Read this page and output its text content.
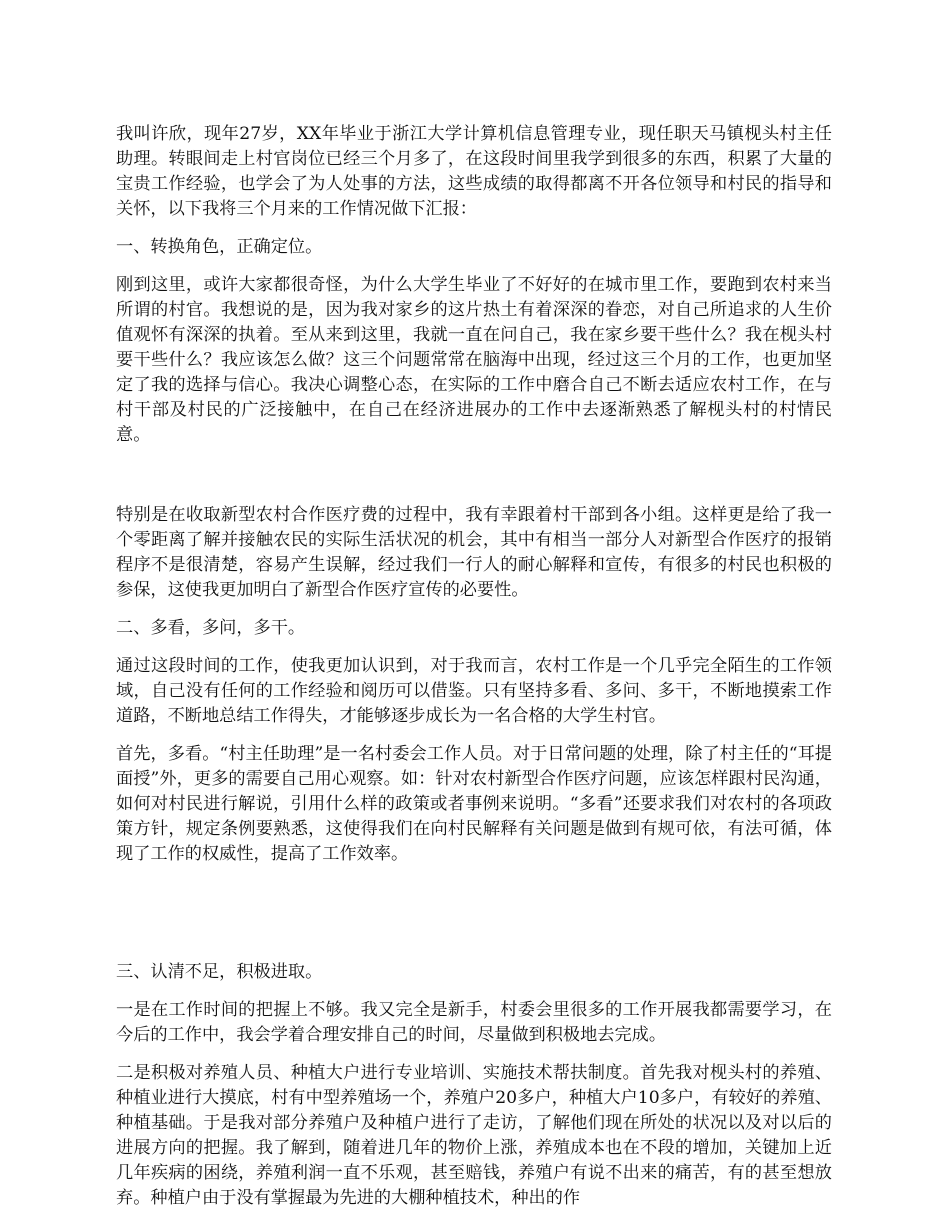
我叫许欣，现年27岁，XX年毕业于浙江大学计算机信息管理专业，现任职天马镇枧头村主任助理。转眼间走上村官岗位已经三个月多了，在这段时间里我学到很多的东西，积累了大量的宝贵工作经验，也学会了为人处事的方法，这些成绩的取得都离不开各位领导和村民的指导和关怀，以下我将三个月来的工作情况做下汇报：

一、转换角色，正确定位。

刚到这里，或许大家都很奇怪，为什么大学生毕业了不好好的在城市里工作，要跑到农村来当所谓的村官。我想说的是，因为我对家乡的这片热土有着深深的眷恋，对自己所追求的人生价值观怀有深深的执着。至从来到这里，我就一直在问自己，我在家乡要干些什么？我在枧头村要干些什么？我应该怎么做？这三个问题常常在脑海中出现，经过这三个月的工作，也更加坚定了我的选择与信心。我决心调整心态，在实际的工作中磨合自己不断去适应农村工作，在与村干部及村民的广泛接触中，在自己在经济进展办的工作中去逐渐熟悉了解枧头村的村情民意。

特别是在收取新型农村合作医疗费的过程中，我有幸跟着村干部到各小组。这样更是给了我一个零距离了解并接触农民的实际生活状况的机会，其中有相当一部分人对新型合作医疗的报销程序不是很清楚，容易产生误解，经过我们一行人的耐心解释和宣传，有很多的村民也积极的参保，这使我更加明白了新型合作医疗宣传的必要性。

二、多看，多问，多干。

通过这段时间的工作，使我更加认识到，对于我而言，农村工作是一个几乎完全陌生的工作领域，自己没有任何的工作经验和阅历可以借鉴。只有坚持多看、多问、多干，不断地摸索工作道路，不断地总结工作得失，才能够逐步成长为一名合格的大学生村官。

首先，多看。“村主任助理”是一名村委会工作人员。对于日常问题的处理，除了村主任的“耳提面授”外，更多的需要自己用心观察。如：针对农村新型合作医疗问题，应该怎样跟村民沟通，如何对村民进行解说，引用什么样的政策或者事例来说明。“多看”还要求我们对农村的各项政策方针，规定条例要熟悉，这使得我们在向村民解释有关问题是做到有规可依，有法可循，体现了工作的权威性，提高了工作效率。

三、认清不足，积极进取。

一是在工作时间的把握上不够。我又完全是新手，村委会里很多的工作开展我都需要学习，在今后的工作中，我会学着合理安排自己的时间，尽量做到积极地去完成。

二是积极对养殖人员、种植大户进行专业培训、实施技术帮扶制度。首先我对枧头村的养殖、种植业进行大摸底，村有中型养殖场一个，养殖户20多户，种植大户10多户，有较好的养殖、种植基础。于是我对部分养殖户及种植户进行了走访，了解他们现在所处的状况以及对以后的进展方向的把握。我了解到，随着进几年的物价上涨，养殖成本也在不段的增加，关键加上近几年疾病的困绕，养殖利润一直不乐观，甚至赔钱，养殖户有说不出来的痛苦，有的甚至想放弃。种植户由于没有掌握最为先进的大棚种植技术，种出的作
